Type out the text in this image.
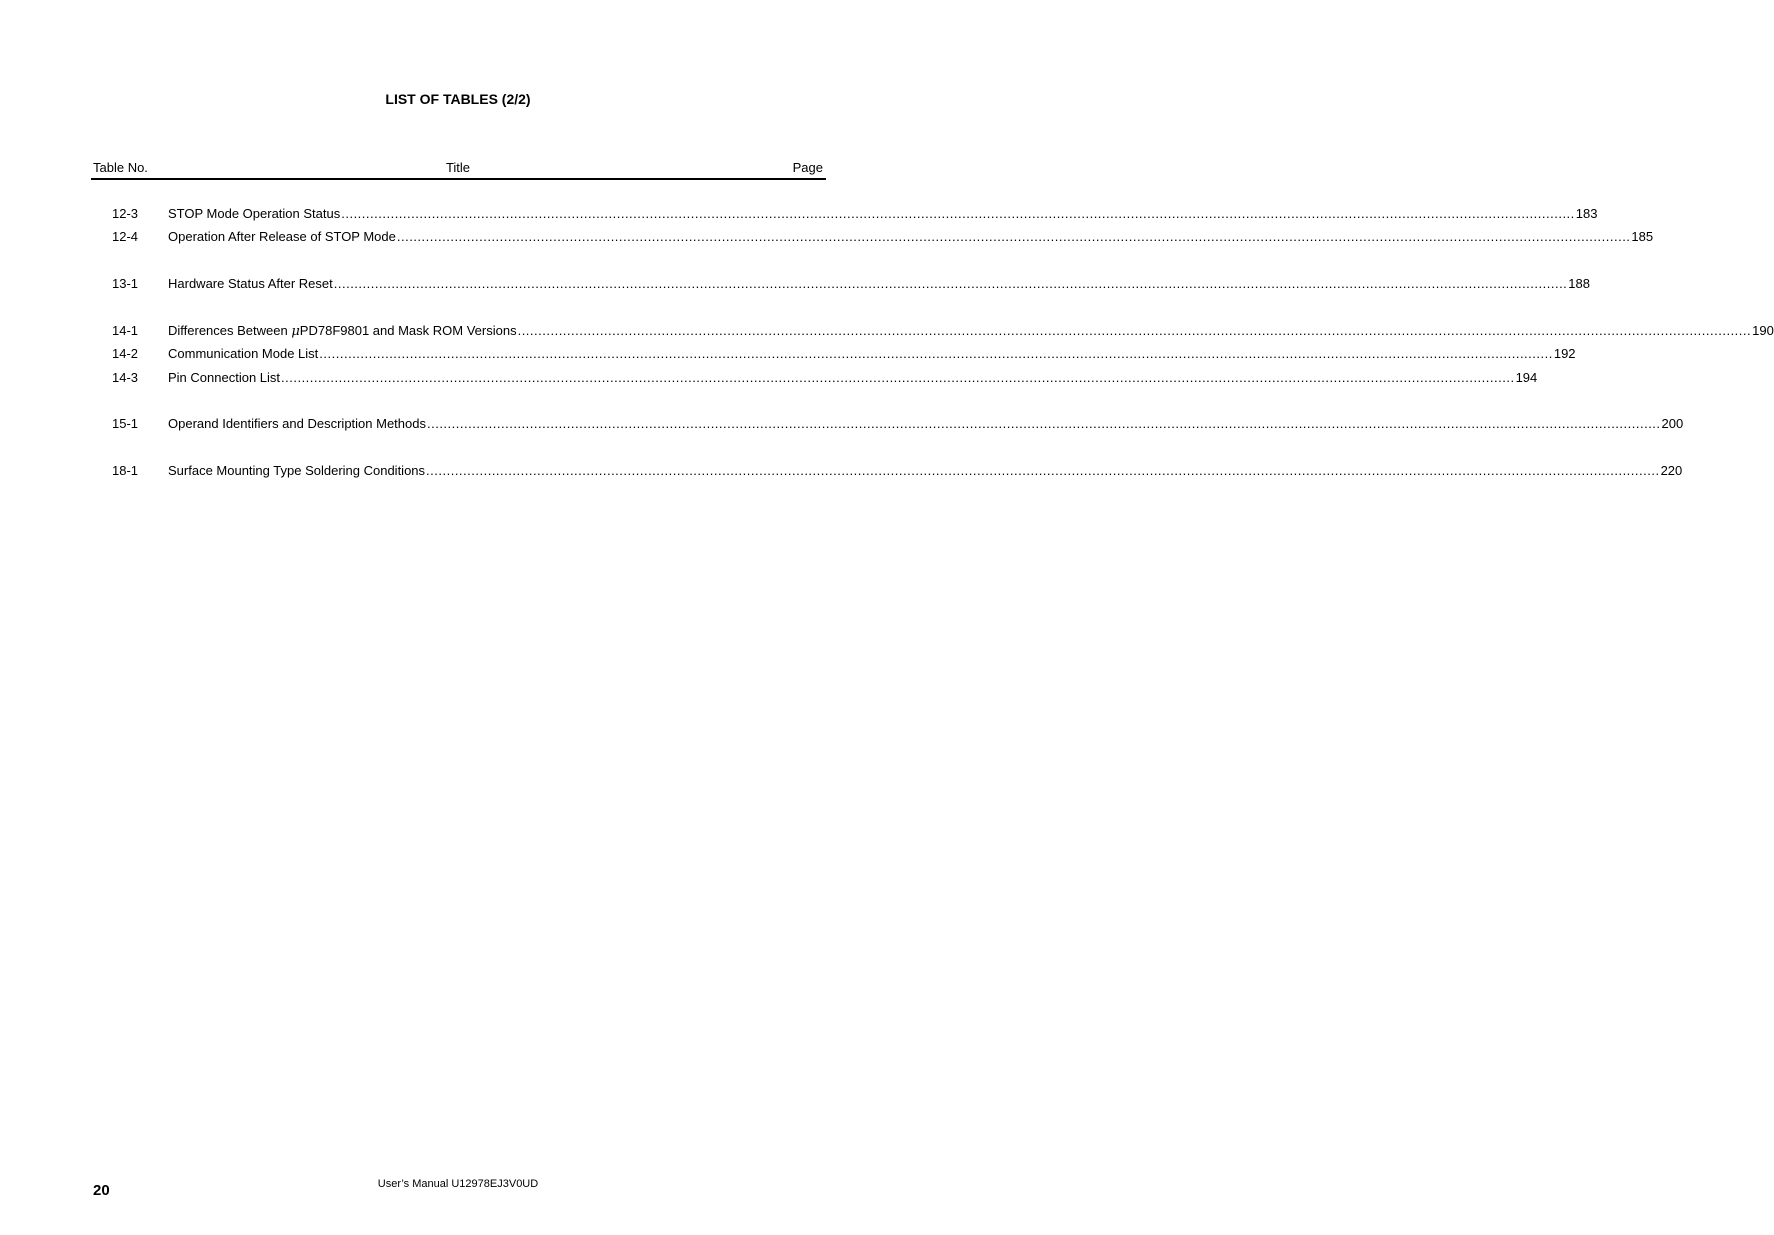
LIST OF TABLES (2/2)
Table No.	Title	Page
12-3 STOP Mode Operation Status ............................................................................................................................................................................................................................................................................................................ 183
12-4 Operation After Release of STOP Mode ............................................................................................................................................................................................................................................................................................................ 185
13-1 Hardware Status After Reset ............................................................................................................................................................................................................................................................................................................ 188
14-1 Differences Between μPD78F9801 and Mask ROM Versions ............................................................................................................................................................................................................................................................................................................ 190
14-2 Communication Mode List ............................................................................................................................................................................................................................................................................................................ 192
14-3 Pin Connection List ............................................................................................................................................................................................................................................................................................................ 194
15-1 Operand Identifiers and Description Methods ............................................................................................................................................................................................................................................................................................................ 200
18-1 Surface Mounting Type Soldering Conditions ............................................................................................................................................................................................................................................................................................................ 220
User’s Manual U12978EJ3V0UD
20
